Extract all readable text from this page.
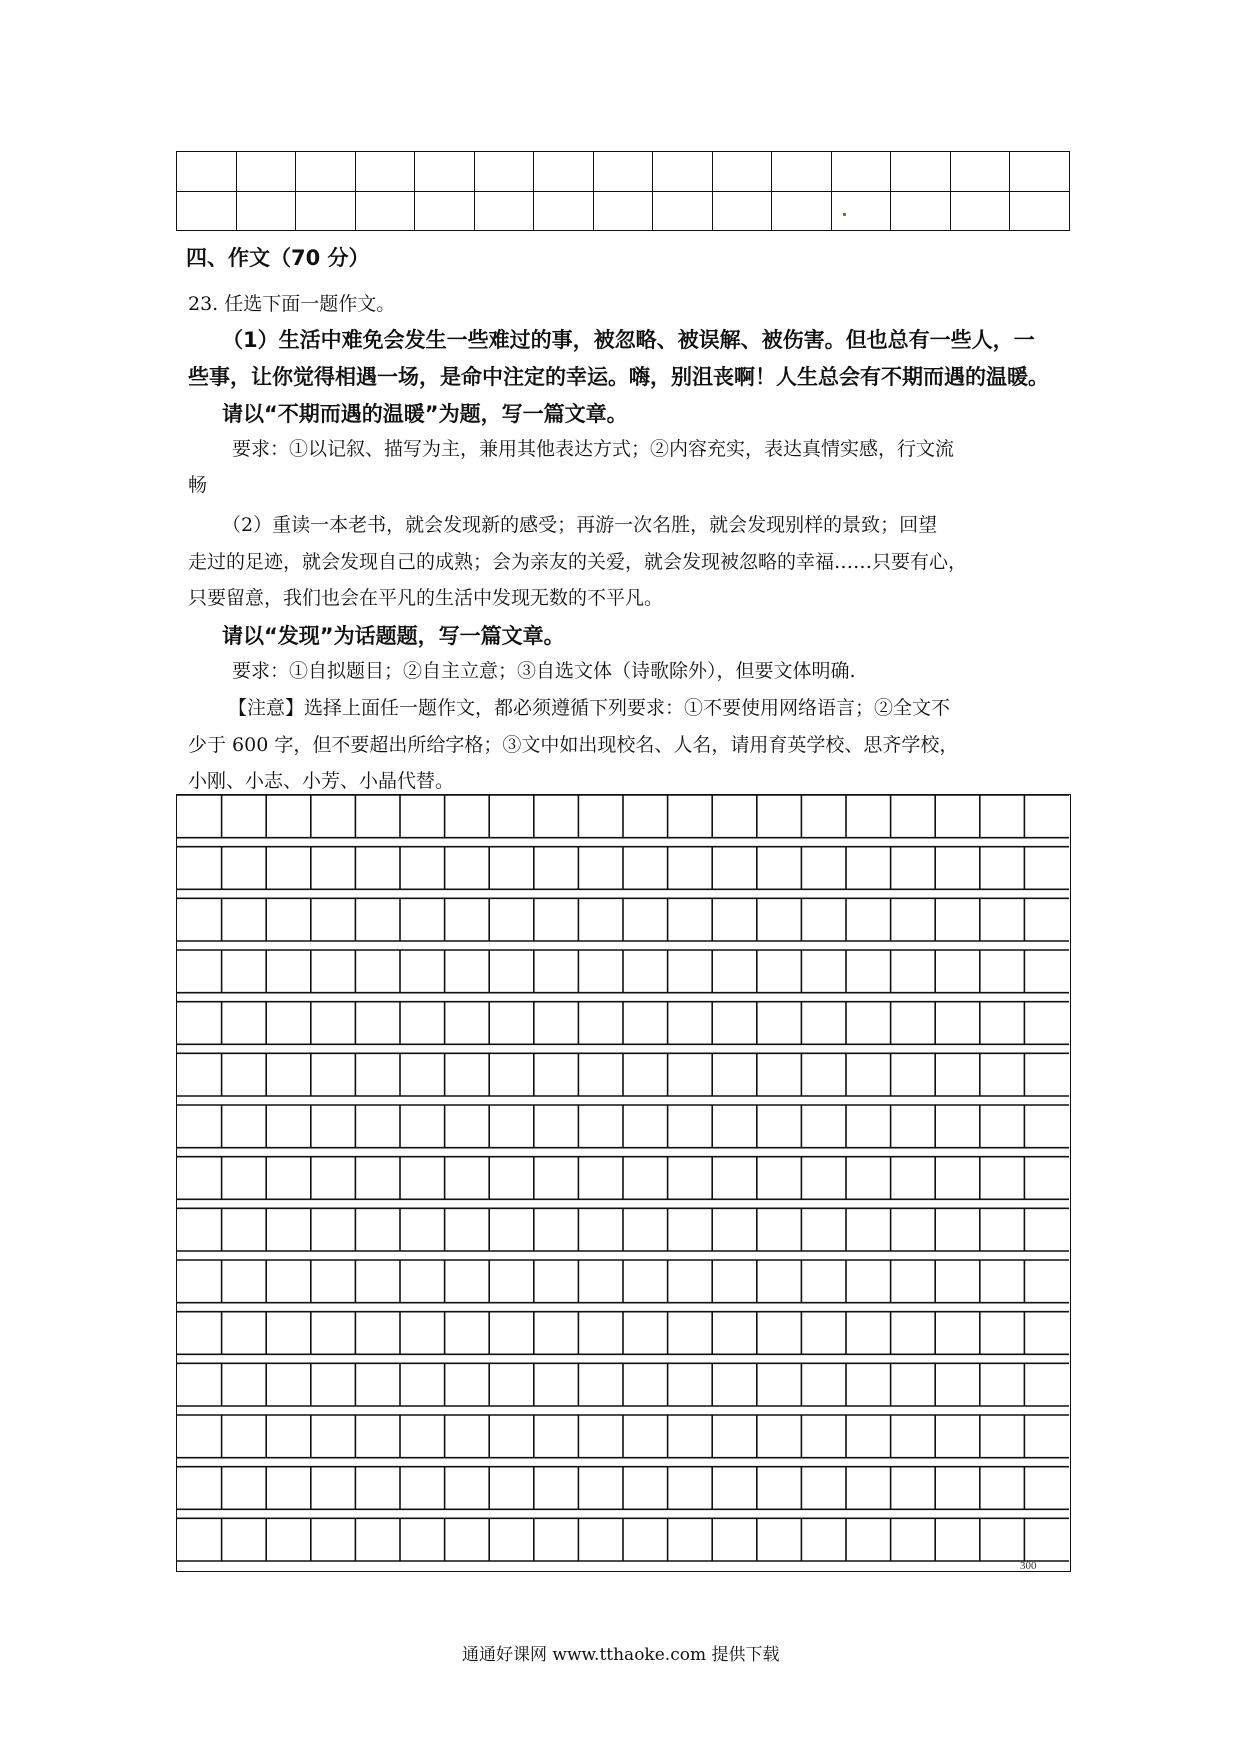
四、作文（70 分）
23. 任选下面一题作文。
（1）生活中难免会发生一些难过的事，被忽略、被误解、被伤害。但也总有一些人，一
些事，让你觉得相遇一场，是命中注定的幸运。嗨，别沮丧啊！人生总会有不期而遇的温暖。
请以“不期而遇的温暖”为题，写一篇文章。
要求：①以记叙、描写为主，兼用其他表达方式；②内容充实，表达真情实感，行文流
畅
（2）重读一本老书，就会发现新的感受；再游一次名胜，就会发现别样的景致；回望
走过的足迹，就会发现自己的成熟；会为亲友的关爱，就会发现被忽略的幸福……只要有心，
只要留意，我们也会在平凡的生活中发现无数的不平凡。
请以“发现”为话题题，写一篇文章。
要求：①自拟题目；②自主立意；③自选文体（诗歌除外），但要文体明确.
【注意】选择上面任一题作文，都必须遵循下列要求：①不要使用网络语言；②全文不
少于 600 字，但不要超出所给字格；③文中如出现校名、人名，请用育英学校、思齐学校，
小刚、小志、小芳、小晶代替。
300
通通好课网 www.tthaoke.com 提供下载
